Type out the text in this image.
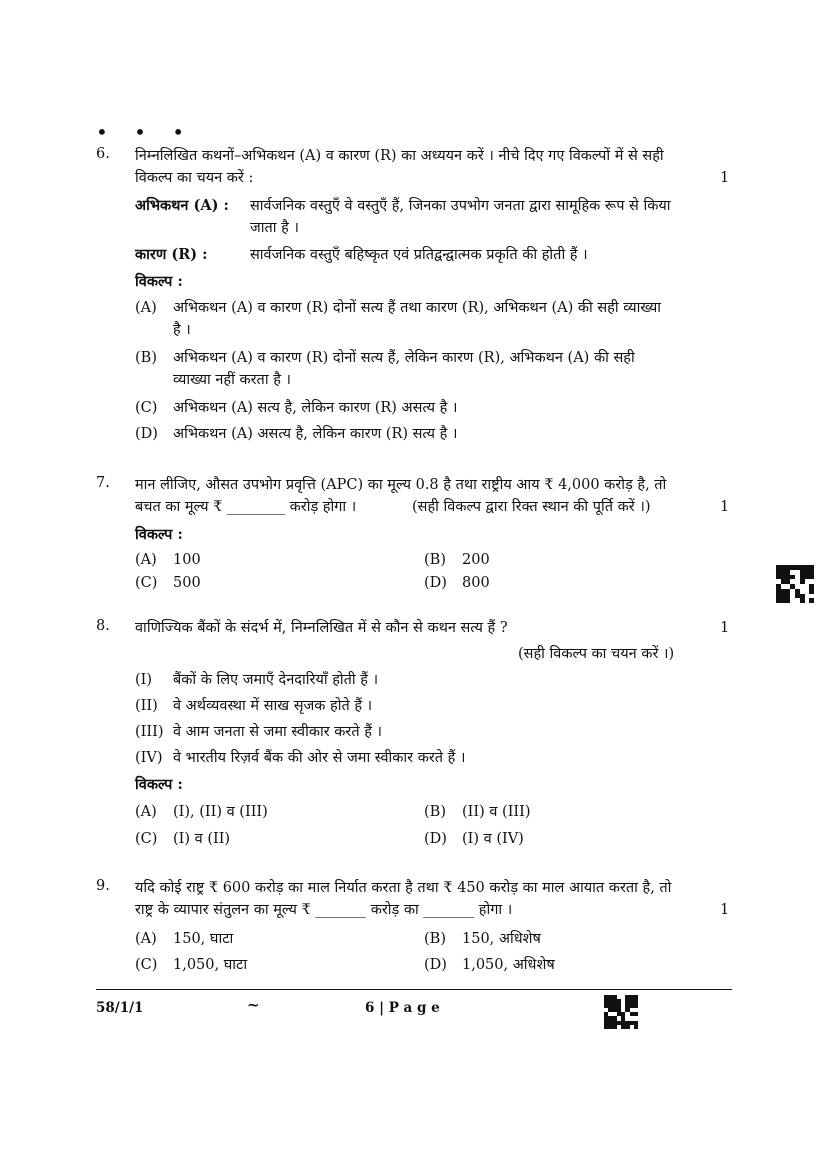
• • •
6. निम्नलिखित कथनों–अभिकथन (A) व कारण (R) का अध्ययन करें । नीचे दिए गए विकल्पों में से सही
विकल्प का चयन करें :	1
अभिकथन (A) : सार्वजनिक वस्तुएँ वे वस्तुएँ हैं, जिनका उपभोग जनता द्वारा सामूहिक रूप से किया
जाता है ।
कारण (R) :	सार्वजनिक वस्तुएँ बहिष्कृत एवं प्रतिद्वन्द्वात्मक प्रकृति की होती हैं ।
विकल्प :
(A) अभिकथन (A) व कारण (R) दोनों सत्य हैं तथा कारण (R), अभिकथन (A) की सही व्याख्या
है ।
(B) अभिकथन (A) व कारण (R) दोनों सत्य हैं, लेकिन कारण (R), अभिकथन (A) की सही
व्याख्या नहीं करता है ।
(C) अभिकथन (A) सत्य है, लेकिन कारण (R) असत्य है ।
(D) अभिकथन (A) असत्य है, लेकिन कारण (R) सत्य है ।
7. मान लीजिए, औसत उपभोग प्रवृत्ति (APC) का मूल्य 0.8 है तथा राष्ट्रीय आय ₹ 4,000 करोड़ है, तो
बचत का मूल्य ₹ ________ करोड़ होगा ।	(सही विकल्प द्वारा रिक्त स्थान की पूर्ति करें ।)	1
विकल्प :
(A) 100	(B) 200
(C) 500	(D) 800
8. वाणिज्यिक बैंकों के संदर्भ में, निम्नलिखित में से कौन से कथन सत्य हैं ?	1
(सही विकल्प का चयन करें ।)
(I) बैंकों के लिए जमाएँ देनदारियाँ होती हैं ।
(II) वे अर्थव्यवस्था में साख सृजक होते हैं ।
(III) वे आम जनता से जमा स्वीकार करते हैं ।
(IV) वे भारतीय रिज़र्व बैंक की ओर से जमा स्वीकार करते हैं ।
विकल्प :
(A) (I), (II) व (III)	(B) (II) व (III)
(C) (I) व (II)	(D) (I) व (IV)
9. यदि कोई राष्ट्र ₹ 600 करोड़ का माल निर्यात करता है तथा ₹ 450 करोड़ का माल आयात करता है, तो
राष्ट्र के व्यापार संतुलन का मूल्य ₹ _______ करोड़ का _______ होगा ।	1
(A) 150, घाटा	(B) 150, अधिशेष
(C) 1,050, घाटा	(D) 1,050, अधिशेष
58/1/1	~	6 | P a g e
